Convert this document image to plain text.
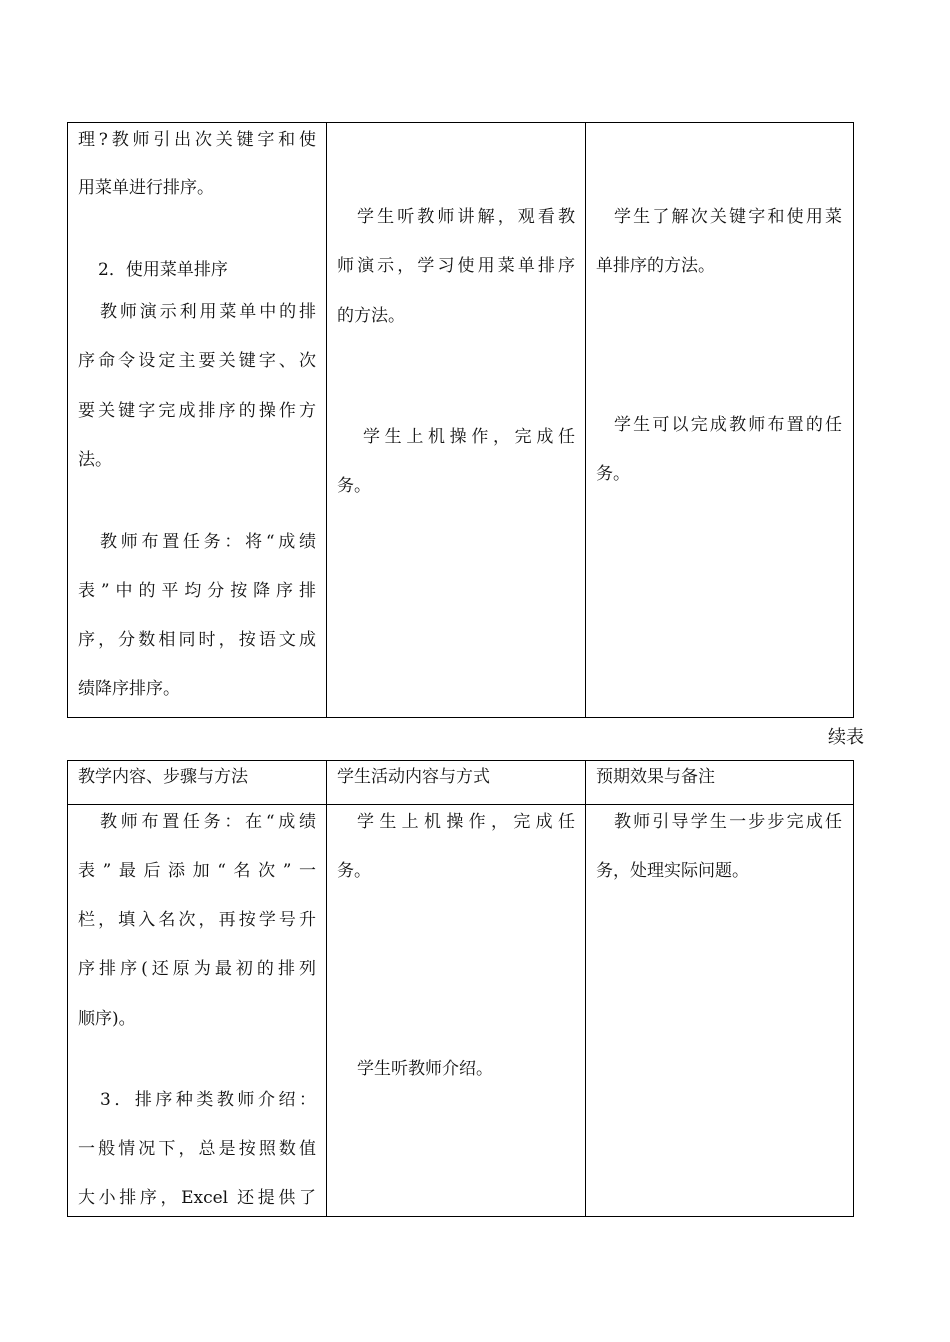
理?教师引出次关键字和使
用菜单进行排序。
2．使用菜单排序
教师演示利用菜单中的排
序命令设定主要关键字、次
要关键字完成排序的操作方
法。
教师布置任务：将“成绩
表”中的平均分按降序排
序，分数相同时，按语文成
绩降序排序。
学生听教师讲解，观看教
师演示，学习使用菜单排序
的方法。
学生上机操作，完成任
务。
学生了解次关键字和使用菜
单排序的方法。
学生可以完成教师布置的任
务。
续表
教学内容、步骤与方法	学生活动内容与方式	预期效果与备注
教师布置任务：在“成绩
表”最后添加“名次”一
栏，填入名次，再按学号升
序排序(还原为最初的排列
顺序)。
3．排序种类教师介绍：
一般情况下，总是按照数值
大小排序，Excel 还提供了
学生上机操作，完成任
务。
学生听教师介绍。
教师引导学生一步步完成任
务，处理实际问题。
